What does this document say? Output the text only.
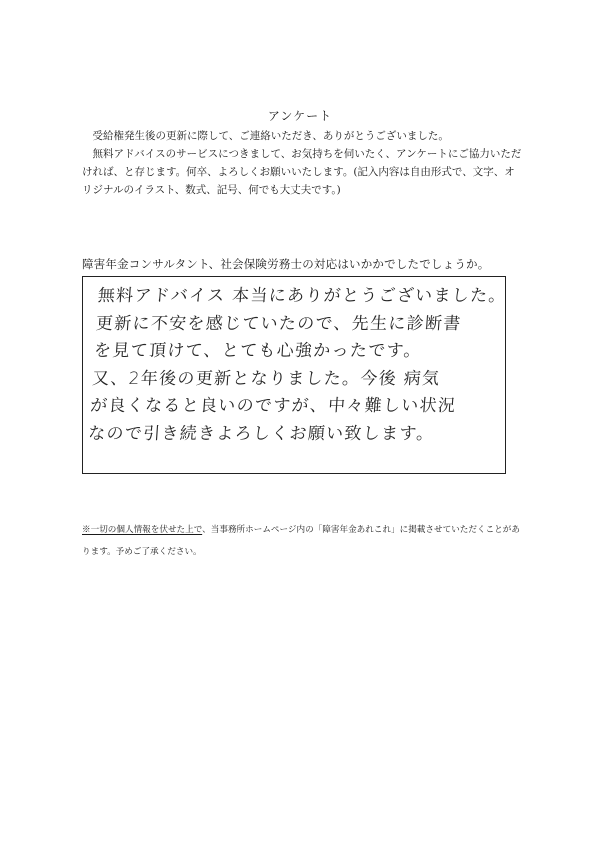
アンケート

受給権発生後の更新に際して、ご連絡いただき、ありがとうございました。

無料アドバイスのサービスにつきまして、お気持ちを伺いたく、アンケートにご協力いただければ、と存じます。何卒、よろしくお願いいたします。(記入内容は自由形式で、文字、オリジナルのイラスト、数式、記号、何でも大丈夫です。)

障害年金コンサルタント、社会保険労務士の対応はいかかでしたでしょうか。
無料アドバイス 本当にありがとうございました。
更新に不安を感じていたので、先生に診断書
を見て頂けて、とても心強かったです。
又、2年後の更新となりました。今後 病気
が良くなると良いのですが、中々難しい状況
なので引き続きよろしくお願い致します。

※一切の個人情報を伏せた上で、当事務所ホームページ内の「障害年金あれこれ」に掲載させていただくことがあります。予めご了承ください。
